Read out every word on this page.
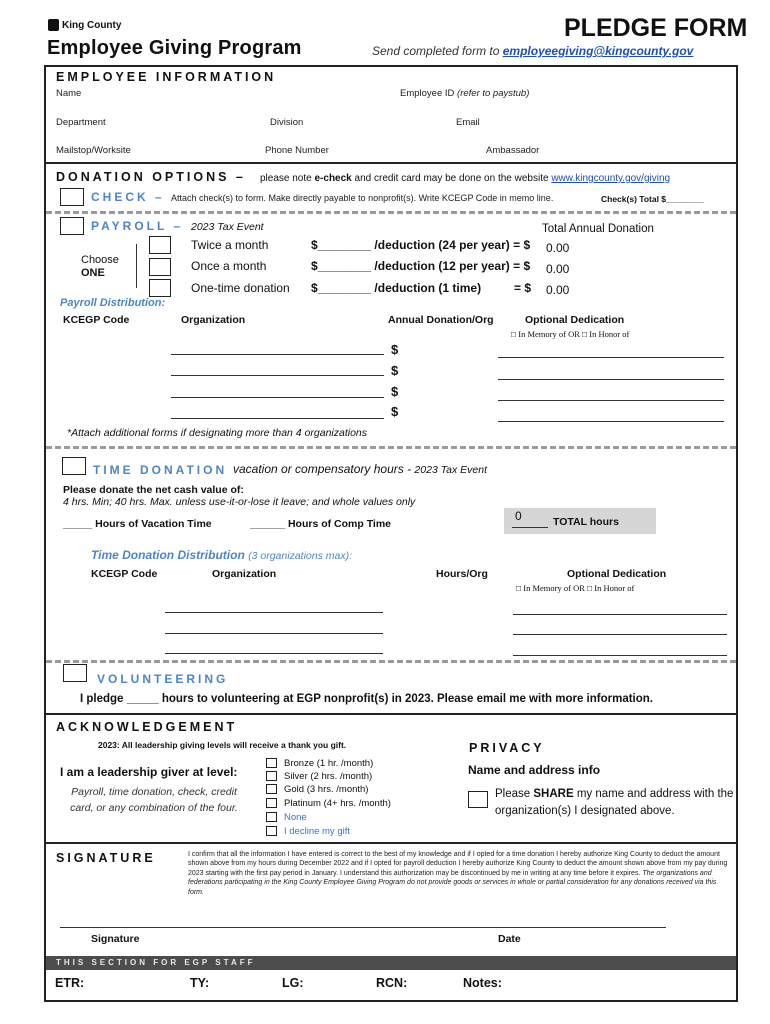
King County
Employee Giving Program
PLEDGE FORM
Send completed form to employeegiving@kingcounty.gov
EMPLOYEE INFORMATION
Name	Employee ID (refer to paystub)
Department	Division	Email
Mailstop/Worksite	Phone Number	Ambassador
DONATION OPTIONS – please note e-check and credit card may be done on the website www.kingcounty.gov/giving
CHECK – Attach check(s) to form. Make directly payable to nonprofit(s). Write KCEGP Code in memo line.	Check(s) Total $________
PAYROLL – 2023 Tax Event	Total Annual Donation
Choose
ONE
Twice a month	$________ /deduction (24 per year) = $ 0.00
Once a month	$________ /deduction (12 per year) = $ 0.00
One-time donation $________ /deduction (1 time)	= $ 0.00
Payroll Distribution:
KCEGP Code	Organization	Annual Donation/Org	Optional Dedication
□ In Memory of OR □ In Honor of
$
$
$
$
*Attach additional forms if designating more than 4 organizations
TIME DONATION vacation or compensatory hours - 2023 Tax Event
Please donate the net cash value of:
4 hrs. Min; 40 hrs. Max. unless use-it-or-lose it leave; and whole values only
_____ Hours of Vacation Time	______ Hours of Comp Time
0	TOTAL hours
Time Donation Distribution (3 organizations max):
KCEGP Code	Organization	Hours/Org	Optional Dedication
□ In Memory of OR □ In Honor of
VOLUNTEERING
I pledge _____ hours to volunteering at EGP nonprofit(s) in 2023. Please email me with more information.
ACKNOWLEDGEMENT
2023: All leadership giving levels will receive a thank you gift.
I am a leadership giver at level:
Payroll, time donation, check, credit card, or any combination of the four.
Bronze (1 hr. /month)
Silver (2 hrs. /month)
Gold (3 hrs. /month)
Platinum (4+ hrs. /month)
None
I decline my gift
PRIVACY
Name and address info
Please SHARE my name and address with the organization(s) I designated above.
SIGNATURE	I confirm that all the information I have entered is correct to the best of my knowledge and if I opted for a time donation I hereby authorize King County to deduct the amount shown above from my hours during December 2022 and if I opted for payroll deduction I hereby authorize King County to deduct the amount shown above from my pay during 2023 starting with the first pay period in January. I understand this authorization may be discontinued by me in writing at any time before it expires. The organizations and federations participating in the King County Employee Giving Program do not provide goods or services in whole or partial consideration for any donations received via this form.
Signature	Date
THIS SECTION FOR EGP STAFF
ETR:	TY:	LG:	RCN:	Notes:
